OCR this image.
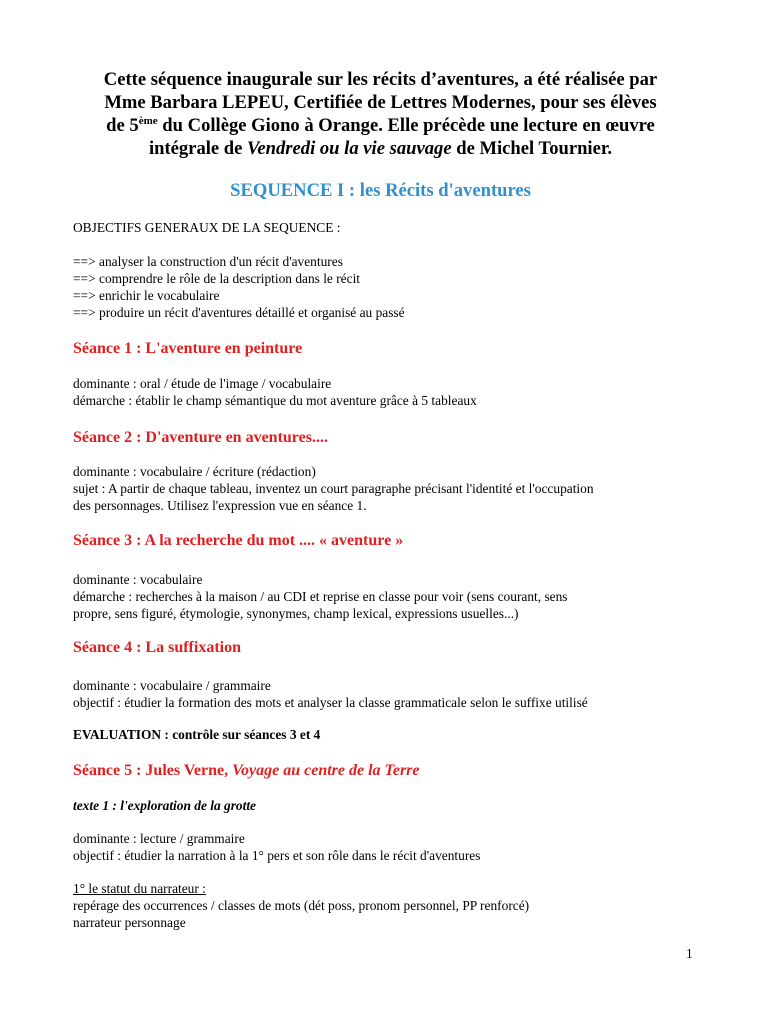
Cette séquence inaugurale sur les récits d’aventures, a été réalisée par
Mme Barbara LEPEU, Certifiée de Lettres Modernes, pour ses élèves
de 5ème du Collège Giono à Orange. Elle précède une lecture en œuvre
intégrale de Vendredi ou la vie sauvage de Michel Tournier.

SEQUENCE I : les Récits d'aventures

OBJECTIFS GENERAUX DE LA SEQUENCE :

==> analyser la construction d'un récit d'aventures

==> comprendre le rôle de la description dans le récit

==> enrichir le vocabulaire

==> produire un récit d'aventures détaillé et organisé au passé

Séance 1 : L'aventure en peinture

dominante : oral / étude de l'image / vocabulaire

démarche : établir le champ sémantique du mot aventure grâce à 5 tableaux

Séance 2 : D'aventure en aventures....

dominante : vocabulaire / écriture (rédaction)

sujet : A partir de chaque tableau, inventez un court paragraphe précisant l'identité et l'occupation

des personnages. Utilisez l'expression vue en séance 1.

Séance 3 : A la recherche du mot .... « aventure »

dominante : vocabulaire

démarche : recherches à la maison / au CDI et reprise en classe pour voir (sens courant, sens

propre, sens figuré, étymologie, synonymes, champ lexical, expressions usuelles...)

Séance 4 : La suffixation

dominante : vocabulaire / grammaire

objectif : étudier la formation des mots et analyser la classe grammaticale selon le suffixe utilisé

EVALUATION : contrôle sur séances 3 et 4

Séance 5 : Jules Verne, Voyage au centre de la Terre

texte 1 : l'exploration de la grotte

dominante : lecture / grammaire

objectif : étudier la narration à la 1° pers et son rôle dans le récit d'aventures

1° le statut du narrateur :

repérage des occurrences / classes de mots (dét poss, pronom personnel, PP renforcé)

narrateur personnage

1
